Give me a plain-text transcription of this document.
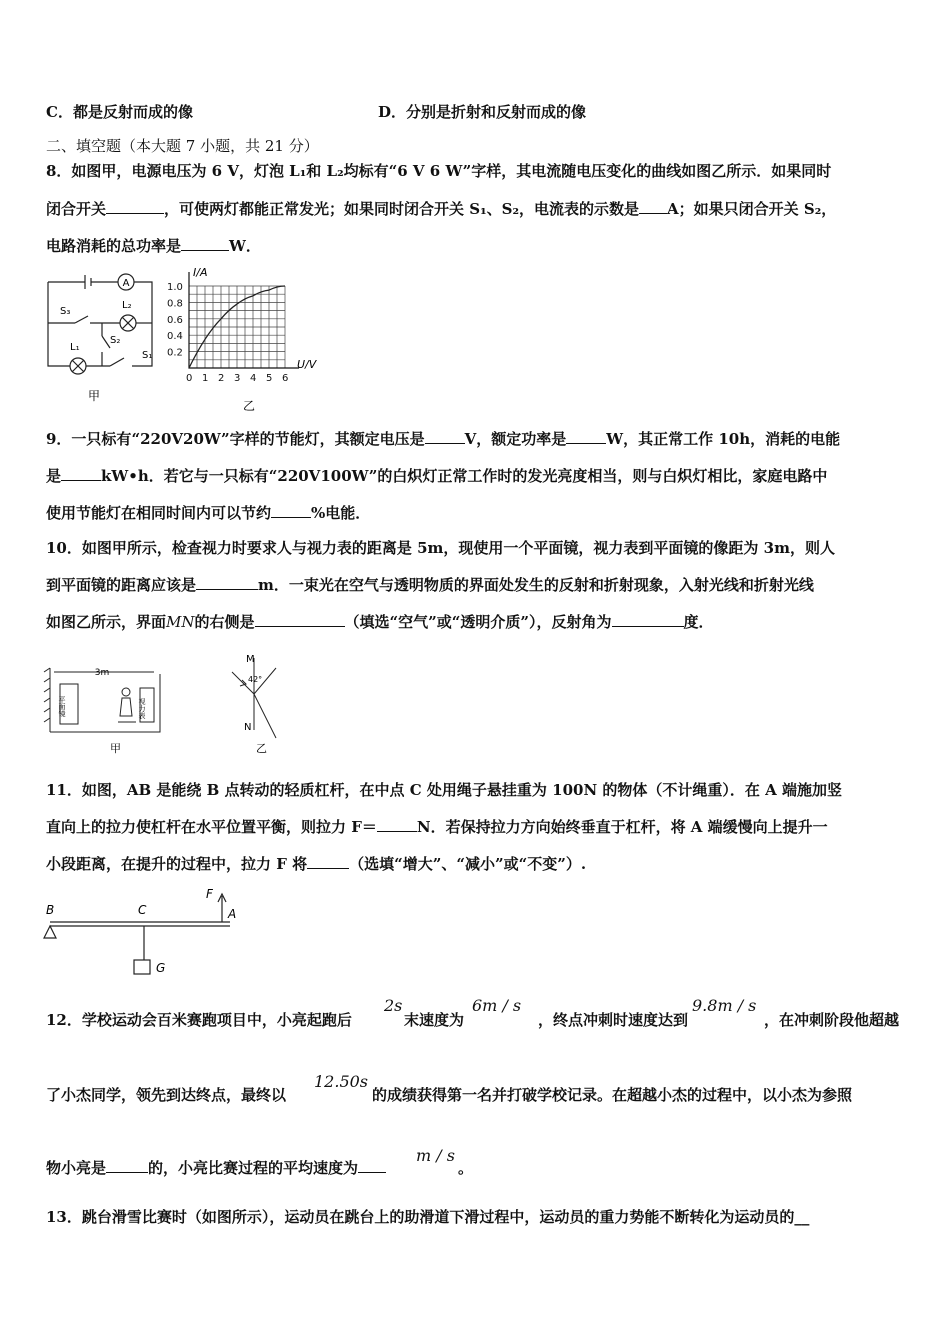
C．都是反射而成的像	D．分别是折射和反射而成的像
二、填空题（本大题 7 小题，共 21 分）
8．如图甲，电源电压为 6 V，灯泡 L₁和 L₂均标有“6 V 6 W”字样，其电流随电压变化的曲线如图乙所示．如果同时
闭合开关	，可使两灯都能正常发光；如果同时闭合开关 S₁、S₂，电流表的示数是 A；如果只闭合开关 S₂，
电路消耗的总功率是	W．
A
S₃
L₂
L₁
S₂
S₁
甲
0 1 2 3 4 5 6
0.2
0.4
0.6
0.8
1.0
I/A
U/V
乙
9．一只标有“220V20W”字样的节能灯，其额定电压是	V，额定功率是	W，其正常工作 10h，消耗的电能
是	kW•h．若它与一只标有“220V100W”的白炽灯正常工作时的发光亮度相当，则与白炽灯相比，家庭电路中
使用节能灯在相同时间内可以节约	%电能．
10．如图甲所示，检查视力时要求人与视力表的距离是 5m，现使用一个平面镜，视力表到平面镜的像距为 3m，则人
到平面镜的距离应该是	m．一束光在空气与透明物质的界面处发生的反射和折射现象，入射光线和折射光线
如图乙所示，界面MN的右侧是	（填选“空气”或“透明介质”），反射角为	度．
3m
平面镜	视力表
甲
M
N
42°
乙
11．如图，AB 是能绕 B 点转动的轻质杠杆，在中点 C 处用绳子悬挂重为 100N 的物体（不计绳重）．在 A 端施加竖
直向上的拉力使杠杆在水平位置平衡，则拉力 F＝	N．若保持拉力方向始终垂直于杠杆，将 A 端缓慢向上提升一
小段距离，在提升的过程中，拉力 F 将	（选填“增大”、“减小”或“不变”）.
B	C	A
F
G
12．学校运动会百米赛跑项目中，小亮起跑后
2s
末速度为
6m / s
，终点冲刺时速度达到
9.8m / s
，在冲刺阶段他超越
了小杰同学，领先到达终点，最终以
12.50s
的成绩获得第一名并打破学校记录。在超越小杰的过程中，以小杰为参照
物小亮是	的，小亮比赛过程的平均速度为
m / s
。
13．跳台滑雪比赛时（如图所示），运动员在跳台上的助滑道下滑过程中，运动员的重力势能不断转化为运动员的__
